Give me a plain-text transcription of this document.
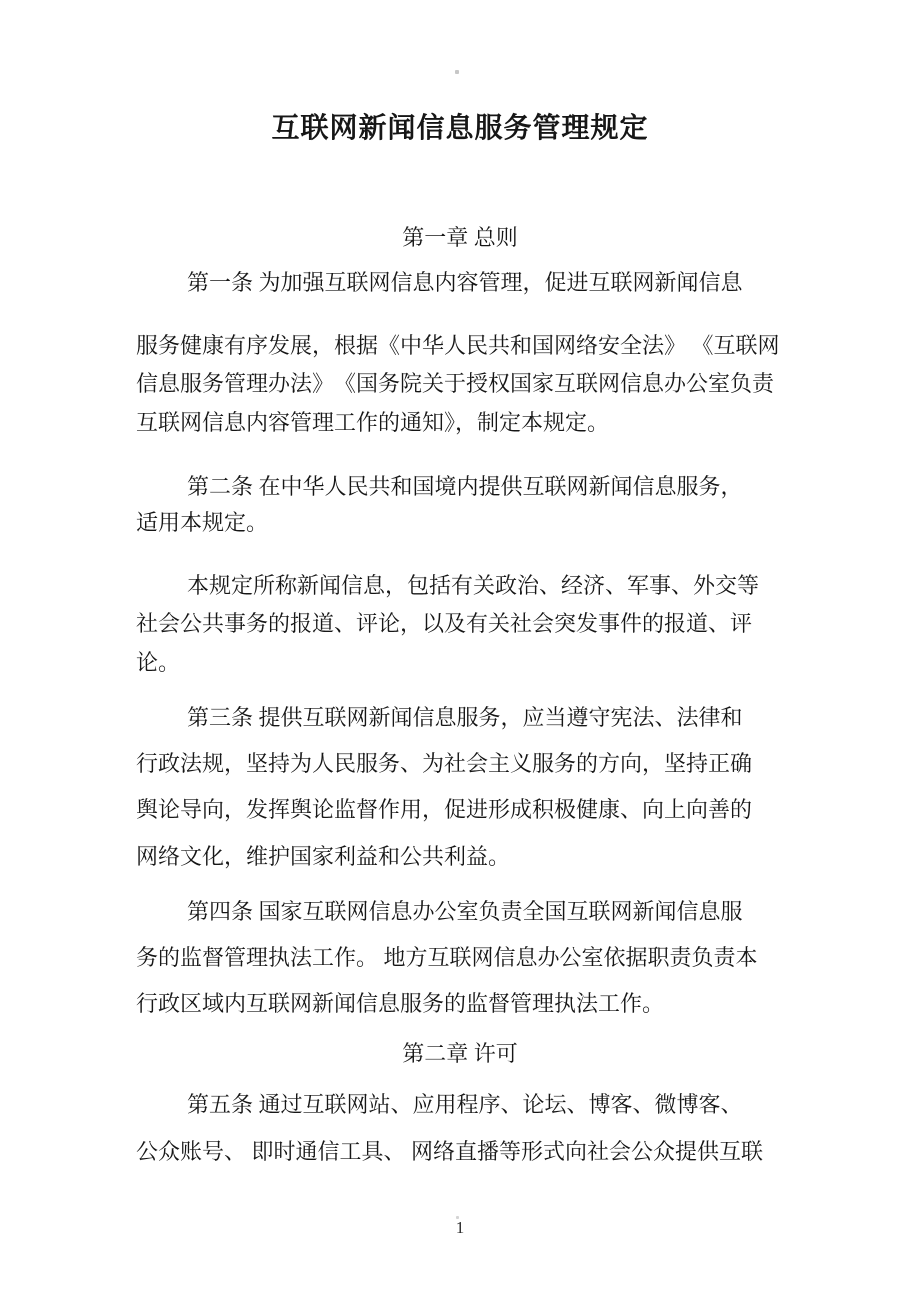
互联网新闻信息服务管理规定
第一章 总则
第一条 为加强互联网信息内容管理，促进互联网新闻信息
服务健康有序发展，根据《中华人民共和国网络安全法》 《互联网
信息服务管理办法》　《国务院关于授权国家互联网信息办公室负责
互联网信息内容管理工作的通知》，制定本规定。
第二条 在中华人民共和国境内提供互联网新闻信息服务，
适用本规定。
本规定所称新闻信息，包括有关政治、经济、军事、外交等
社会公共事务的报道、评论，以及有关社会突发事件的报道、评
论。
第三条 提供互联网新闻信息服务，应当遵守宪法、法律和
行政法规，坚持为人民服务、为社会主义服务的方向，坚持正确
舆论导向，发挥舆论监督作用，促进形成积极健康、向上向善的
网络文化，维护国家利益和公共利益。
第四条 国家互联网信息办公室负责全国互联网新闻信息服
务的监督管理执法工作。 地方互联网信息办公室依据职责负责本
行政区域内互联网新闻信息服务的监督管理执法工作。
第二章 许可
第五条 通过互联网站、应用程序、论坛、博客、微博客、
公众账号、 即时通信工具、 网络直播等形式向社会公众提供互联
1
